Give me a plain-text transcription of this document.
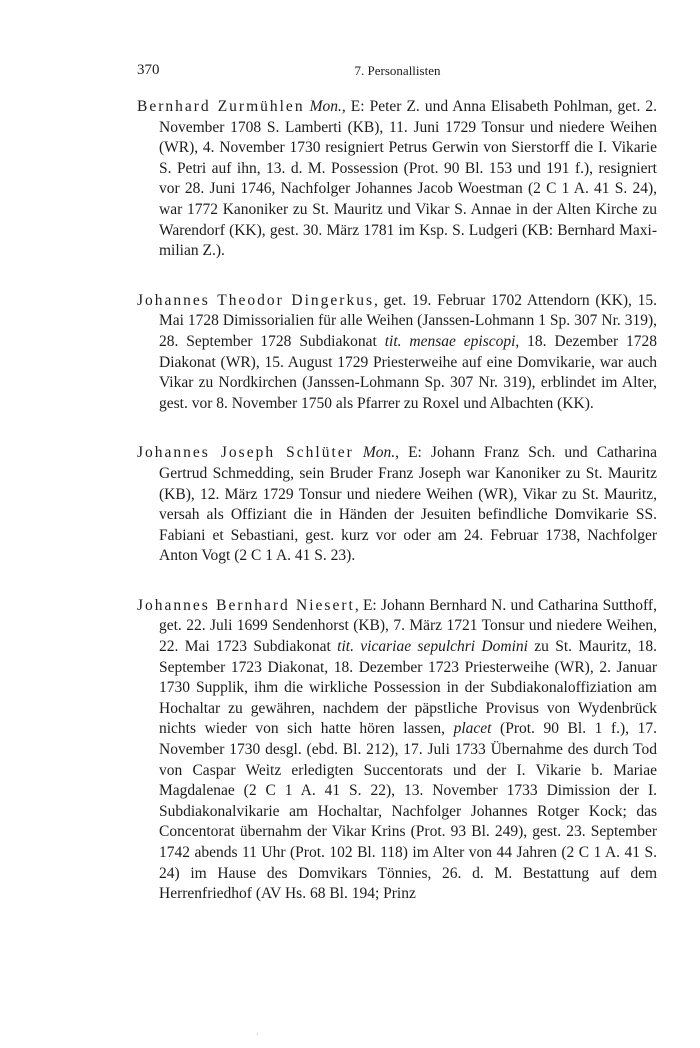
370	7. Personallisten

Bernhard Zurmühlen Mon., E: Peter Z. und Anna Elisabeth Pohlman, get. 2. November 1708 S. Lamberti (KB), 11. Juni 1729 Tonsur und niedere Weihen (WR), 4. November 1730 resigniert Petrus Gerwin von Sierstorff die I. Vikarie S. Petri auf ihn, 13. d. M. Possession (Prot. 90 Bl. 153 und 191 f.), resigniert vor 28. Juni 1746, Nachfolger Johannes Jacob Woestman (2 C 1 A. 41 S. 24), war 1772 Kanoniker zu St. Mauritz und Vikar S. Annae in der Alten Kirche zu Warendorf (KK), gest. 30. März 1781 im Ksp. S. Ludgeri (KB: Bernhard Maximilian Z.).

Johannes Theodor Dingerkus, get. 19. Februar 1702 Attendorn (KK), 15. Mai 1728 Dimissorialien für alle Weihen (Janssen-Lohmann 1 Sp. 307 Nr. 319), 28. September 1728 Subdiakonat tit. mensae episcopi, 18. Dezember 1728 Diakonat (WR), 15. August 1729 Priesterweihe auf eine Domvikarie, war auch Vikar zu Nordkirchen (Janssen-Lohmann Sp. 307 Nr. 319), erblindet im Alter, gest. vor 8. November 1750 als Pfarrer zu Roxel und Albachten (KK).

Johannes Joseph Schlüter Mon., E: Johann Franz Sch. und Catharina Gertrud Schmedding, sein Bruder Franz Joseph war Kanoniker zu St. Mauritz (KB), 12. März 1729 Tonsur und niedere Weihen (WR), Vikar zu St. Mauritz, versah als Offiziant die in Händen der Jesuiten befindliche Domvikarie SS. Fabiani et Sebastiani, gest. kurz vor oder am 24. Februar 1738, Nachfolger Anton Vogt (2 C 1 A. 41 S. 23).

Johannes Bernhard Niesert, E: Johann Bernhard N. und Catharina Sutthoff, get. 22. Juli 1699 Sendenhorst (KB), 7. März 1721 Tonsur und niedere Weihen, 22. Mai 1723 Subdiakonat tit. vicariae sepulchri Domini zu St. Mauritz, 18. September 1723 Diakonat, 18. Dezember 1723 Priesterweihe (WR), 2. Januar 1730 Supplik, ihm die wirkliche Possession in der Subdiakonaloffiziation am Hochaltar zu gewähren, nachdem der päpstliche Provisus von Wydenbrück nichts wieder von sich hatte hören lassen, placet (Prot. 90 Bl. 1 f.), 17. November 1730 desgl. (ebd. Bl. 212), 17. Juli 1733 Übernahme des durch Tod von Caspar Weitz erledigten Succentorats und der I. Vikarie b. Mariae Magdalenae (2 C 1 A. 41 S. 22), 13. November 1733 Dimission der I. Subdiakonalvikarie am Hochaltar, Nachfolger Johannes Rotger Kock; das Concentorat übernahm der Vikar Krins (Prot. 93 Bl. 249), gest. 23. September 1742 abends 11 Uhr (Prot. 102 Bl. 118) im Alter von 44 Jahren (2 C 1 A. 41 S. 24) im Hause des Domvikars Tönnies, 26. d. M. Bestattung auf dem Herrenfriedhof (AV Hs. 68 Bl. 194; Prinz

·
